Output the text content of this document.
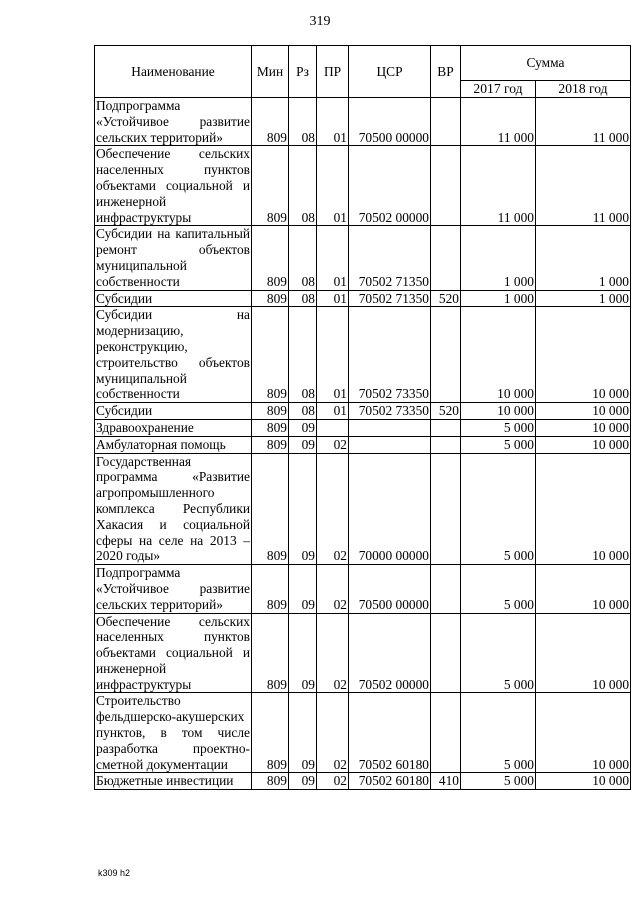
319
Наименование	Мин	Рз	ПР	ЦСР	ВР	Сумма	
						2017 год	2018 год
Подпрограмма «Устойчивое развитие сельских территорий»	809	08	01	70500 00000		11 000	11 000
Обеспечение сельских населенных пунктов объектами социальной и инженерной инфраструктуры	809	08	01	70502 00000		11 000	11 000
Субсидии на капитальный ремонт объектов муниципальной собственности	809	08	01	70502 71350		1 000	1 000
Субсидии	809	08	01	70502 71350	520	1 000	1 000
Субсидии на модернизацию, реконструкцию, строительство объектов муниципальной собственности	809	08	01	70502 73350		10 000	10 000
Субсидии	809	08	01	70502 73350	520	10 000	10 000
Здравоохранение	809	09				5 000	10 000
Амбулаторная помощь	809	09	02			5 000	10 000
Государственная программа «Развитие агропромышленного комплекса Республики Хакасия и социальной сферы на селе на 2013 – 2020 годы»	809	09	02	70000 00000		5 000	10 000
Подпрограмма «Устойчивое развитие сельских территорий»	809	09	02	70500 00000		5 000	10 000
Обеспечение сельских населенных пунктов объектами социальной и инженерной инфраструктуры	809	09	02	70502 00000		5 000	10 000
Строительство фельдшерско-акушерских пунктов, в том числе разработка проектно-сметной документации	809	09	02	70502 60180		5 000	10 000
Бюджетные инвестиции	809	09	02	70502 60180	410	5 000	10 000
k309 h2
